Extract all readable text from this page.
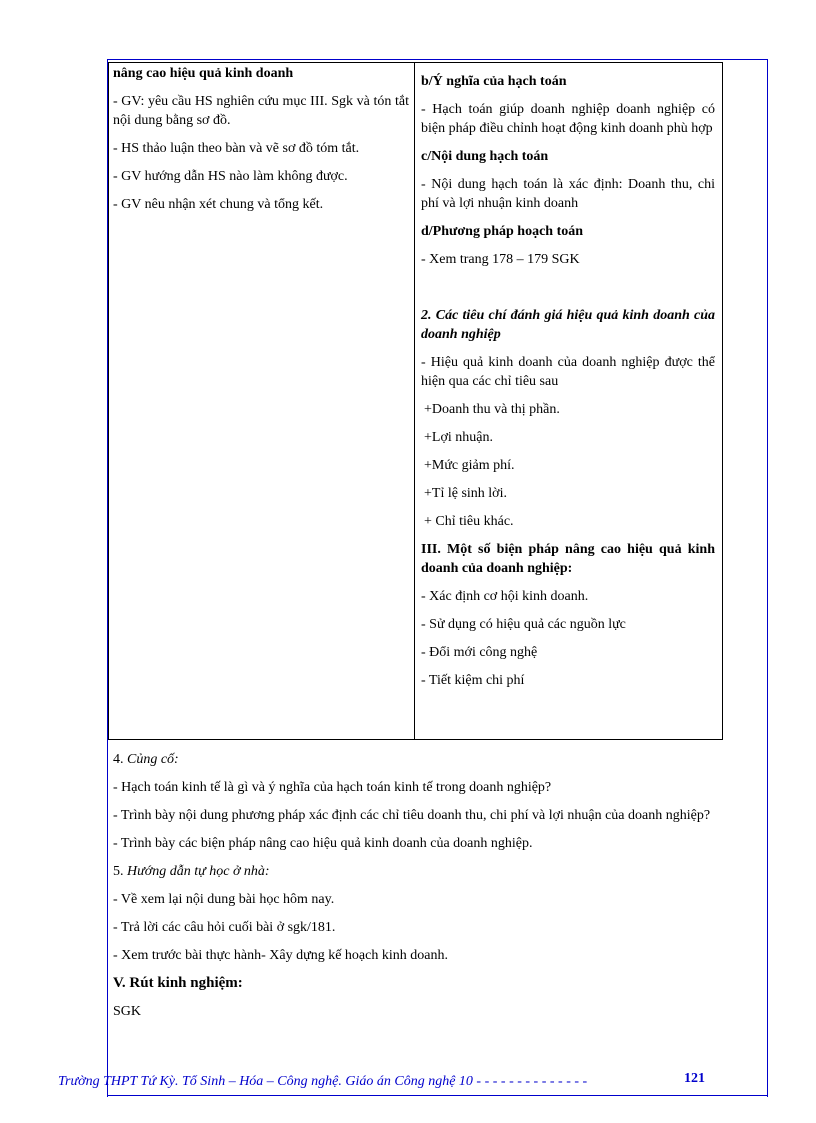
nâng cao hiệu quả kinh doanh

- GV: yêu cầu HS nghiên cứu mục III. Sgk và tón tắt nội dung bằng sơ đồ.

- HS thảo luận theo bàn và vẽ sơ đồ tóm tắt.

- GV hướng dẫn HS nào làm không được.

- GV nêu nhận xét chung và tổng kết.

b/Ý nghĩa của hạch toán

- Hạch toán giúp doanh nghiệp doanh nghiệp có biện pháp điều chỉnh hoạt động kinh doanh phù hợp

c/Nội dung hạch toán

- Nội dung hạch toán là xác định: Doanh thu, chi phí và lợi nhuận kinh doanh

d/Phương pháp hoạch toán

- Xem trang 178 – 179 SGK

2. Các tiêu chí đánh giá hiệu quả kinh doanh của doanh nghiệp

- Hiệu quả kinh doanh của doanh nghiệp được thể hiện qua các chỉ tiêu sau

+Doanh thu và thị phần.

+Lợi nhuận.

+Mức giảm phí.

+Tỉ lệ sinh lời.

+ Chỉ tiêu khác.

III. Một số biện pháp nâng cao hiệu quả kinh doanh của doanh nghiệp:

- Xác định cơ hội kinh doanh.

- Sử dụng có hiệu quả các nguồn lực

- Đổi mới công nghệ

- Tiết kiệm chi phí

4. Củng cố:

- Hạch toán kinh tế là gì và ý nghĩa của hạch toán kinh tế trong doanh nghiệp?

- Trình bày nội dung phương pháp xác định các chỉ tiêu doanh thu, chi phí và lợi nhuận của doanh nghiệp?

- Trình bày các biện pháp nâng cao hiệu quả kinh doanh của doanh nghiệp.

5. Hướng dẫn tự học ở nhà:

- Về xem lại nội dung bài học hôm nay.

- Trả lời các câu hỏi cuối bài ở sgk/181.

- Xem trước bài thực hành- Xây dựng kế hoạch kinh doanh.

V. Rút kinh nghiệm:

SGK

Trường THPT Tứ Kỳ. Tổ Sinh – Hóa – Công nghệ. Giáo án Công nghệ 10 - - - - - - - - - - - - - -	121
